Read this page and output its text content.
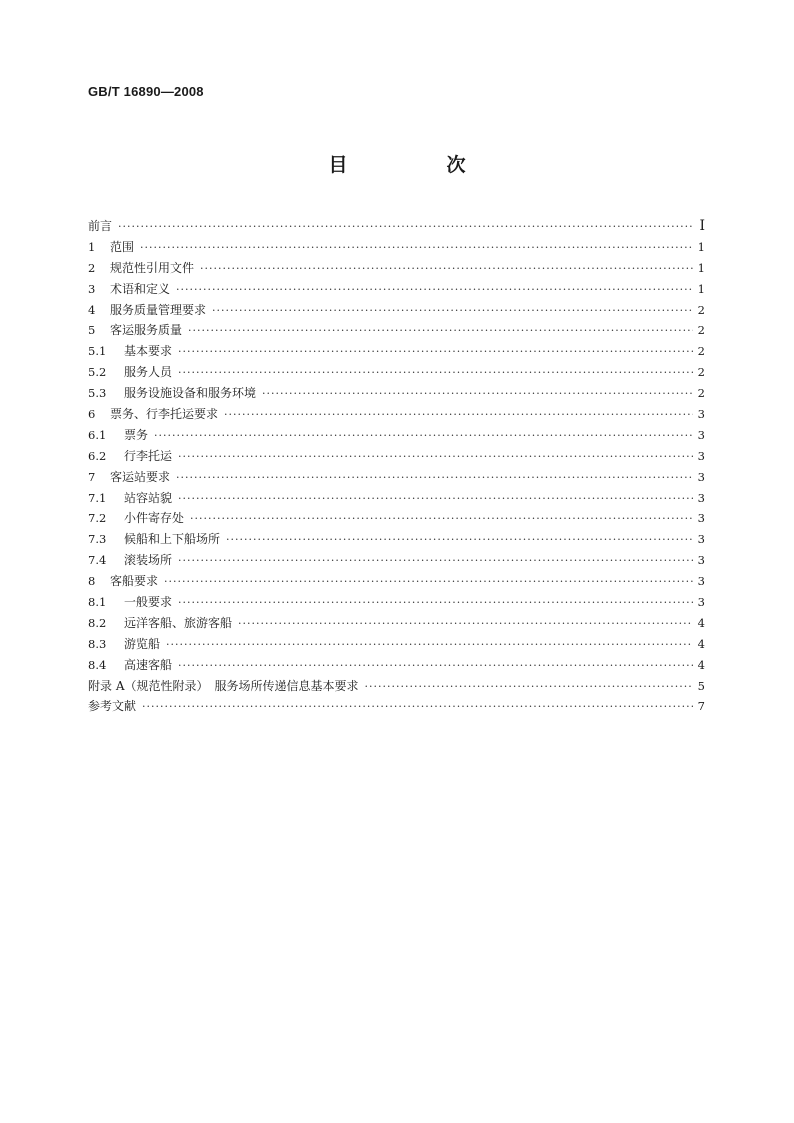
GB/T 16890—2008
目　次
前言 ·····	Ⅰ
1	范围 ·····	1
2	规范性引用文件 ·····	1
3	术语和定义 ·····	1
4	服务质量管理要求 ·····	2
5	客运服务质量 ·····	2
5.1	基本要求 ·····	2
5.2	服务人员 ·····	2
5.3	服务设施设备和服务环境 ·····	2
6	票务、行李托运要求 ·····	3
6.1	票务 ·····	3
6.2	行李托运 ·····	3
7	客运站要求 ·····	3
7.1	站容站貌 ·····	3
7.2	小件寄存处 ·····	3
7.3	候船和上下船场所 ·····	3
7.4	滚装场所 ·····	3
8	客船要求 ·····	3
8.1	一般要求 ·····	3
8.2	远洋客船、旅游客船 ·····	4
8.3	游览船 ·····	4
8.4	高速客船 ·····	4
附录 A（规范性附录）　服务场所传递信息基本要求 ·····	5
参考文献 ·····	7
